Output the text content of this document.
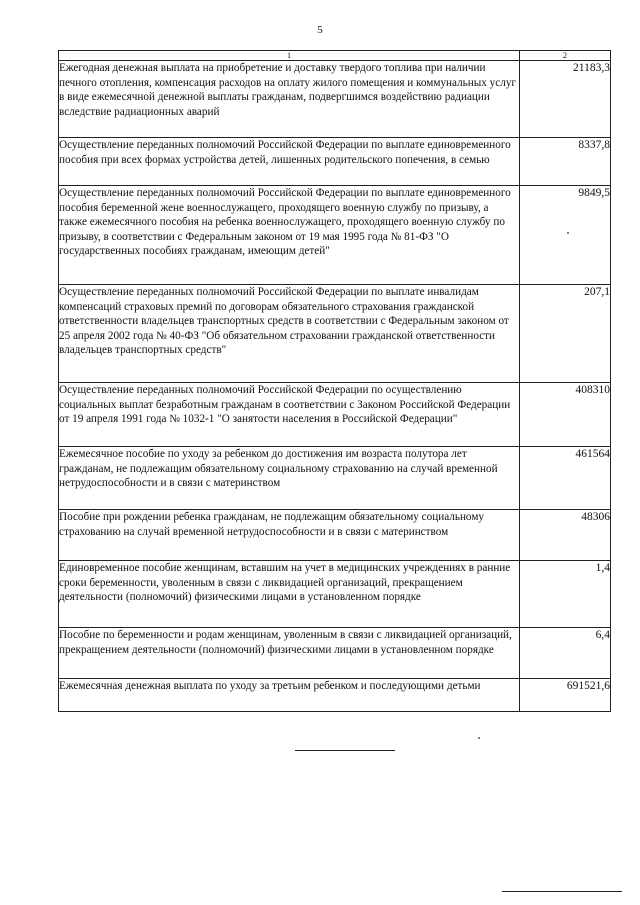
5
1	2
Ежегодная денежная выплата на приобретение и доставку твердого топлива при наличии печного отопления, компенсация расходов на оплату жилого помещения и коммунальных услуг в виде ежемесячной денежной выплаты гражданам, подвергшимся воздействию радиации вследствие радиационных аварий	21183,3
Осуществление переданных полномочий Российской Федерации по выплате единовременного пособия при всех формах устройства детей, лишенных родительского попечения, в семью	8337,8
Осуществление переданных полномочий Российской Федерации по выплате единовременного пособия беременной жене военнослужащего, проходящего военную службу по призыву, а также ежемесячного пособия на ребенка военнослужащего, проходящего военную службу по призыву, в соответствии с Федеральным законом от 19 мая 1995 года № 81-ФЗ "О государственных пособиях гражданам, имеющим детей"	9849,5
Осуществление переданных полномочий Российской Федерации по выплате инвалидам компенсаций страховых премий по договорам обязательного страхования гражданской ответственности владельцев транспортных средств в соответствии с Федеральным законом от 25 апреля 2002 года № 40-ФЗ "Об обязательном страховании гражданской ответственности владельцев транспортных средств"	207,1
Осуществление переданных полномочий Российской Федерации по осуществлению социальных выплат безработным гражданам в соответствии с Законом Российской Федерации от 19 апреля 1991 года № 1032-1 "О занятости населения в Российской Федерации"	408310
Ежемесячное пособие по уходу за ребенком до достижения им возраста полутора лет гражданам, не подлежащим обязательному социальному страхованию на случай временной нетрудоспособности и в связи с материнством	461564
Пособие при рождении ребенка гражданам, не подлежащим обязательному социальному страхованию на случай временной нетрудоспособности и в связи с материнством	48306
Единовременное пособие женщинам, вставшим на учет в медицинских учреждениях в ранние сроки беременности, уволенным в связи с ликвидацией организаций, прекращением деятельности (полномочий) физическими лицами в установленном порядке	1,4
Пособие по беременности и родам женщинам, уволенным в связи с ликвидацией организаций, прекращением деятельности (полномочий) физическими лицами в установленном порядке	6,4
Ежемесячная денежная выплата по уходу за третьим ребенком и последующими детьми	691521,6
